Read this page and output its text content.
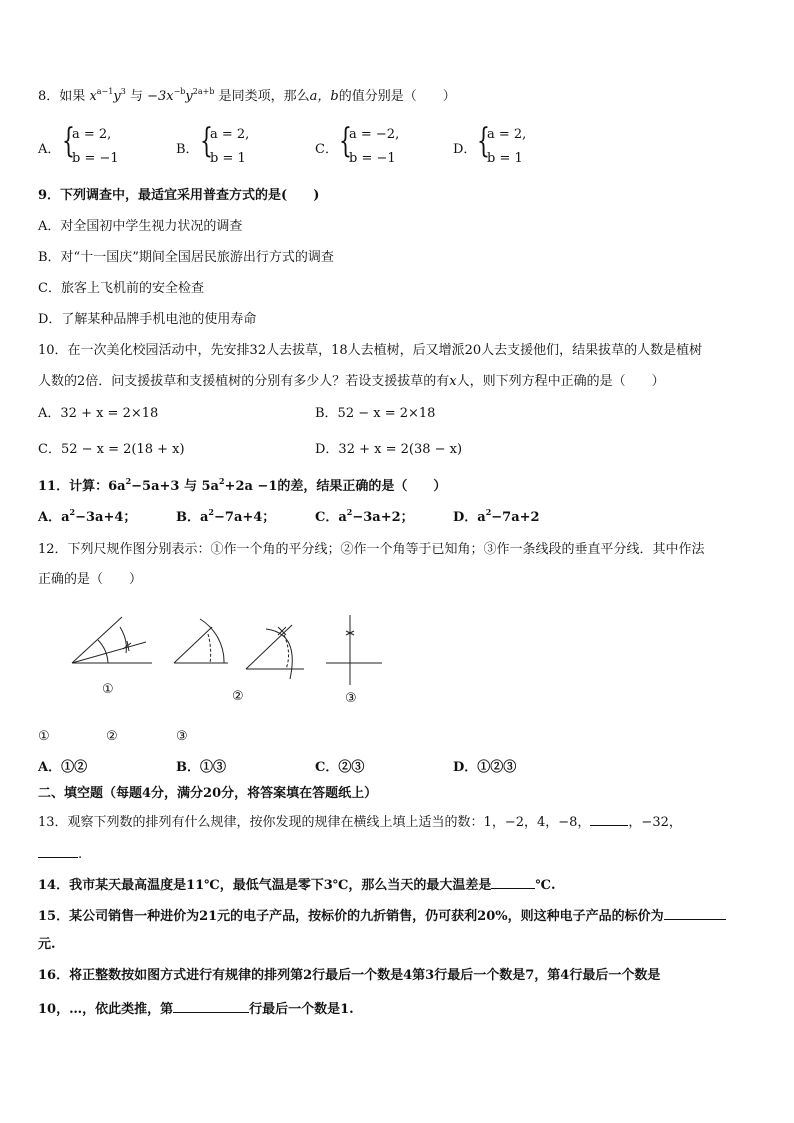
8．如果 $x^{a-1}y^3$ 与 $-3x^{-b}y^{2a+b}$ 是同类项，那么a，b的值分别是（　　）
A． {
a = 2,
b = −1
B． {
a = 2,
b = 1
C． {
a = −2,
b = −1
D． {
a = 2,
b = 1
9．下列调查中，最适宜采用普查方式的是(　　)
A．对全国初中学生视力状况的调查
B．对“十一国庆”期间全国居民旅游出行方式的调查
C．旅客上飞机前的安全检查
D．了解某种品牌手机电池的使用寿命
10．在一次美化校园活动中，先安排32人去拔草，18人去植树，后又增派20人去支援他们，结果拔草的人数是植树
人数的2倍．问支援拔草和支援植树的分别有多少人？若设支援拔草的有x人，则下列方程中正确的是（　　）
A．32 + x = 2×18	B．52 − x = 2×18
C．52 − x = 2(18 + x)	D．32 + x = 2(38 − x)
11．计算：$6a^2-5a+3$ 与 $5a^2+2a -1$的差，结果正确的是（　　）
A．$a^2-3a+4$；	B．$a^2-7a+4$；	C．$a^2-3a+2$；	D．$a^2-7a+2$
12．下列尺规作图分别表示：①作一个角的平分线；②作一个角等于已知角；③作一条线段的垂直平分线．其中作法
正确的是（　　）
①	②	③
①	②	③
A．①②	B．①③	C．②③	D．①②③
二、填空题（每题4分，满分20分，将答案填在答题纸上）
13．观察下列数的排列有什么规律，按你发现的规律在横线上填上适当的数：1，−2，4，−8，	，−32，
.
14．我市某天最高温度是11℃，最低气温是零下3℃，那么当天的最大温差是	℃.
15．某公司销售一种进价为21元的电子产品，按标价的九折销售，仍可获利20%，则这种电子产品的标价为
元.
16．将正整数按如图方式进行有规律的排列第2行最后一个数是4第3行最后一个数是7，第4行最后一个数是
10，…，依此类推，第	行最后一个数是1.
